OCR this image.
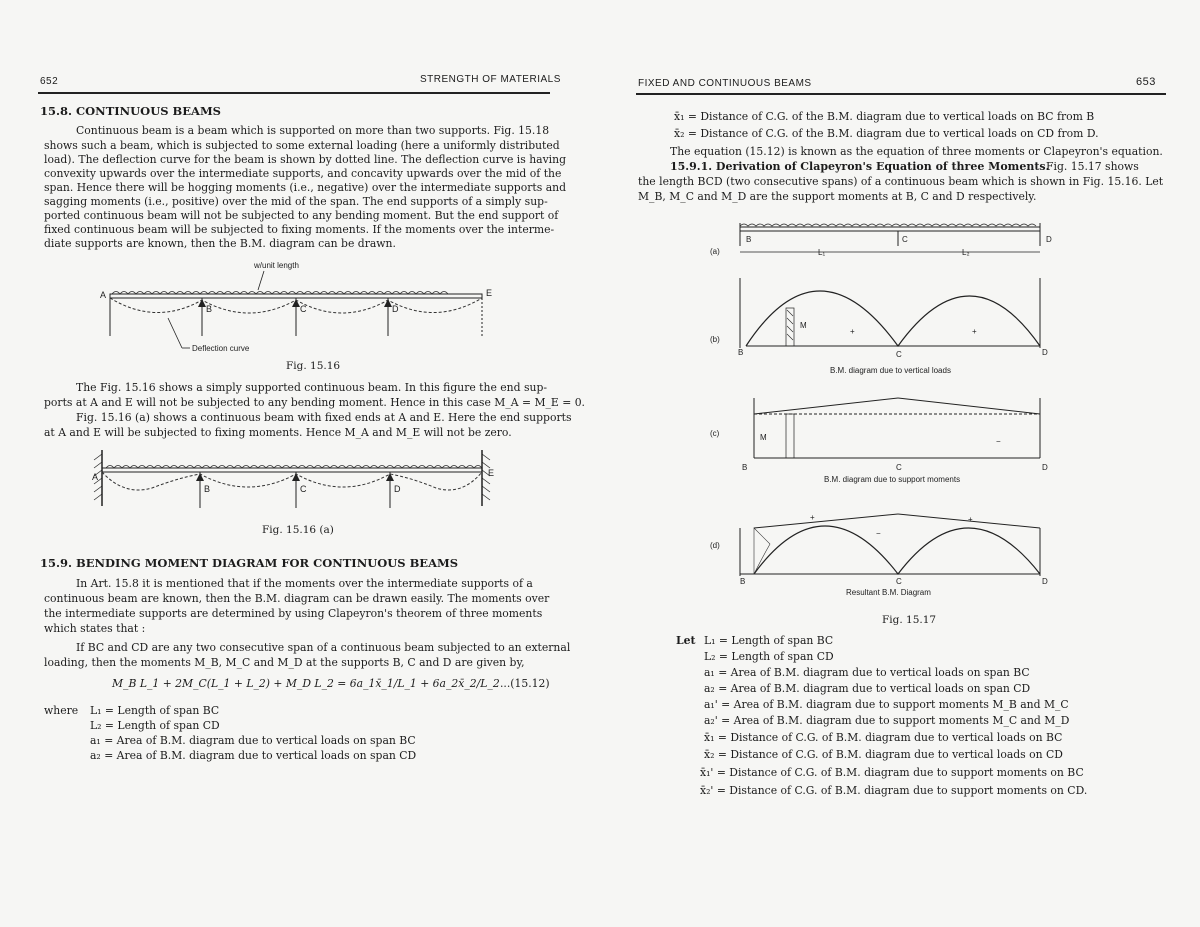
652	STRENGTH OF MATERIALS
15.8. CONTINUOUS BEAMS
Continuous beam is a beam which is supported on more than two supports. Fig. 15.18
shows such a beam, which is subjected to some external loading (here a uniformly distributed
load). The deflection curve for the beam is shown by dotted line. The deflection curve is having
convexity upwards over the intermediate supports, and concavity upwards over the mid of the
span. Hence there will be hogging moments (i.e., negative) over the intermediate supports and
sagging moments (i.e., positive) over the mid of the span. The end supports of a simply sup-
ported continuous beam will not be subjected to any bending moment. But the end support of
fixed continuous beam will be subjected to fixing moments. If the moments over the interme-
diate supports are known, then the B.M. diagram can be drawn.
w/unit length
A
B	C	D
E
Deflection curve
Fig. 15.16
The Fig. 15.16 shows a simply supported continuous beam. In this figure the end sup-
ports at A and E will not be subjected to any bending moment. Hence in this case M_A = M_E = 0.
Fig. 15.16 (a) shows a continuous beam with fixed ends at A and E. Here the end supports
at A and E will be subjected to fixing moments. Hence M_A and M_E will not be zero.
A
B	C	D
E
Fig. 15.16 (a)
15.9. BENDING MOMENT DIAGRAM FOR CONTINUOUS BEAMS
In Art. 15.8 it is mentioned that if the moments over the intermediate supports of a
continuous beam are known, then the B.M. diagram can be drawn easily. The moments over
the intermediate supports are determined by using Clapeyron's theorem of three moments
which states that :
If BC and CD are any two consecutive span of a continuous beam subjected to an external
loading, then the moments M_B, M_C and M_D at the supports B, C and D are given by,
M_B L_1 + 2M_C(L_1 + L_2) + M_D L_2 = 6a_1x̄_1/L_1 + 6a_2x̄_2/L_2 ...(15.12)
where L₁ = Length of span BC
L₂ = Length of span CD
a₁ = Area of B.M. diagram due to vertical loads on span BC
a₂ = Area of B.M. diagram due to vertical loads on span CD
FIXED AND CONTINUOUS BEAMS	653
x̄₁ = Distance of C.G. of the B.M. diagram due to vertical loads on BC from B
x̄₂ = Distance of C.G. of the B.M. diagram due to vertical loads on CD from D.
The equation (15.12) is known as the equation of three moments or Clapeyron's equation.
15.9.1. Derivation of Clapeyron's Equation of three Moments.
Fig. 15.17 shows
the length BCD (two consecutive spans) of a continuous beam which is shown in Fig. 15.16. Let
M_B, M_C and M_D are the support moments at B, C and D respectively.
(a)
B	C	D
L₁	L₂
(b)
M
+	+
B	C	D
B.M. diagram due to vertical loads
(c)	M	−
B	C	D
B.M. diagram due to support moments
(d)
+	+
−
B	C	D
Resultant B.M. Diagram
Fig. 15.17
Let L₁ = Length of span BC
L₂ = Length of span CD
a₁ = Area of B.M. diagram due to vertical loads on span BC
a₂ = Area of B.M. diagram due to vertical loads on span CD
a₁' = Area of B.M. diagram due to support moments M_B and M_C
a₂' = Area of B.M. diagram due to support moments M_C and M_D
x̄₁ = Distance of C.G. of B.M. diagram due to vertical loads on BC
x̄₂ = Distance of C.G. of B.M. diagram due to vertical loads on CD
x̄₁' = Distance of C.G. of B.M. diagram due to support moments on BC
x̄₂' = Distance of C.G. of B.M. diagram due to support moments on CD.
